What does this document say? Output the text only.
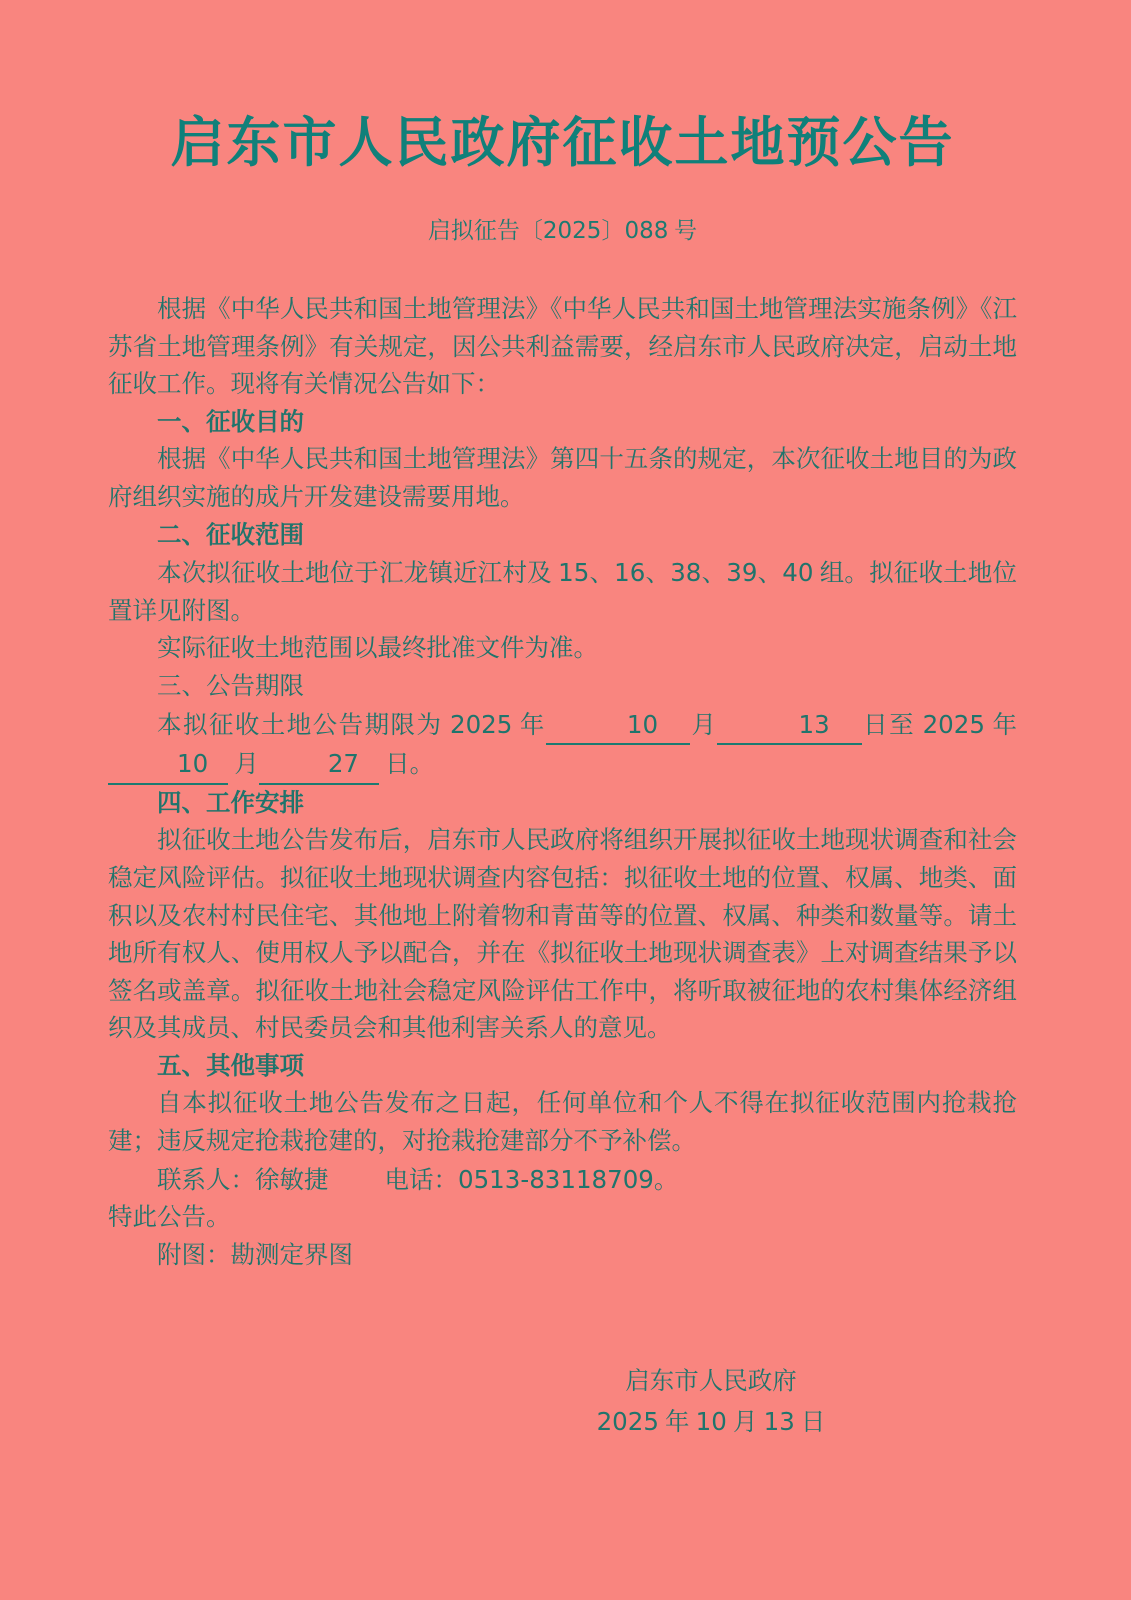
启东市人民政府征收土地预公告
启拟征告〔2025〕088 号

根据《中华人民共和国土地管理法》《中华人民共和国土地管理法实施条例》《江苏省土地管理条例》有关规定，因公共利益需要，经启东市人民政府决定，启动土地征收工作。现将有关情况公告如下：

一、征收目的

根据《中华人民共和国土地管理法》第四十五条的规定，本次征收土地目的为政府组织实施的成片开发建设需要用地。

二、征收范围

本次拟征收土地位于汇龙镇近江村及 15、16、38、39、40 组。拟征收土地位置详见附图。

实际征收土地范围以最终批准文件为准。

三、公告期限

本拟征收土地公告期限为 2025 年	10 月	13 日至 2025 年10 月	27 日。

四、工作安排

拟征收土地公告发布后，启东市人民政府将组织开展拟征收土地现状调查和社会稳定风险评估。拟征收土地现状调查内容包括：拟征收土地的位置、权属、地类、面积以及农村村民住宅、其他地上附着物和青苗等的位置、权属、种类和数量等。请土地所有权人、使用权人予以配合，并在《拟征收土地现状调查表》上对调查结果予以签名或盖章。拟征收土地社会稳定风险评估工作中，将听取被征地的农村集体经济组织及其成员、村民委员会和其他利害关系人的意见。

五、其他事项

自本拟征收土地公告发布之日起，任何单位和个人不得在拟征收范围内抢栽抢建；违反规定抢栽抢建的，对抢栽抢建部分不予补偿。

联系人：徐敏捷 电话：0513-83118709。

特此公告。

附图：勘测定界图

启东市人民政府
2025 年 10 月 13 日
